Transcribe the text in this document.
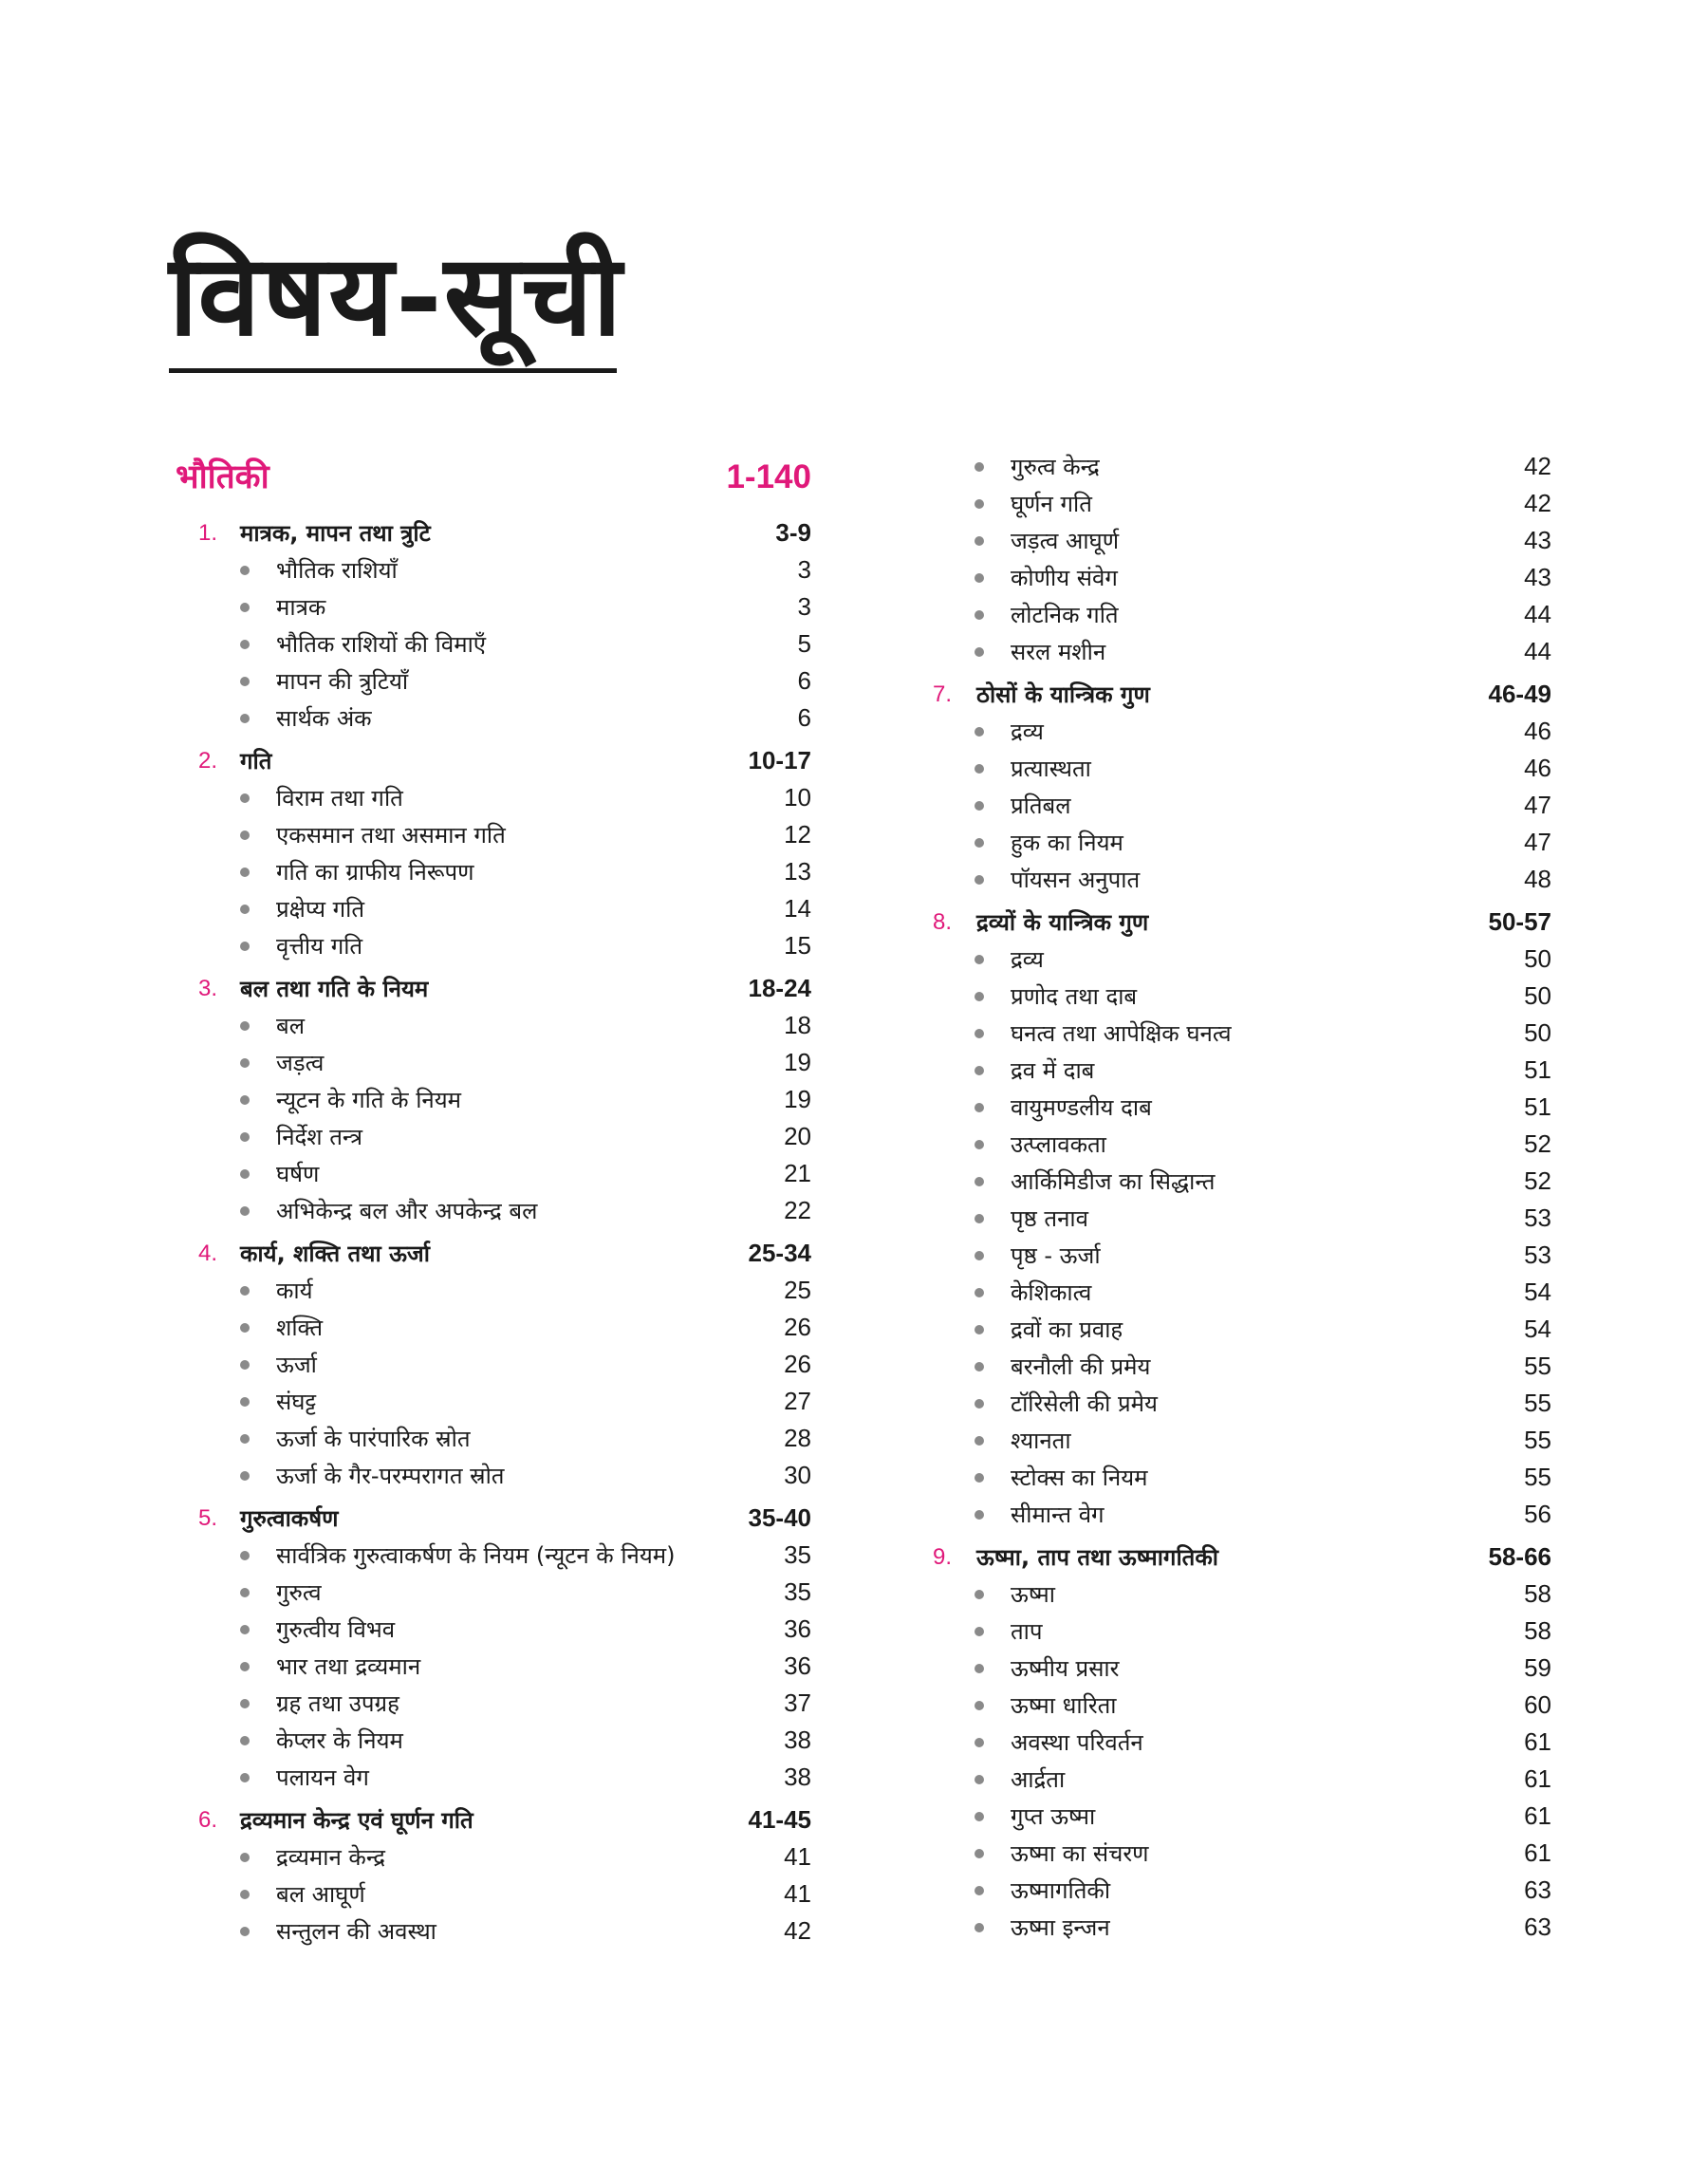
विषय-सूची
भौतिकी	1-140
1. मात्रक, मापन तथा त्रुटि	3-9
भौतिक राशियाँ	3
मात्रक	3
भौतिक राशियों की विमाएँ	5
मापन की त्रुटियाँ	6
सार्थक अंक	6
2. गति	10-17
विराम तथा गति	10
एकसमान तथा असमान गति	12
गति का ग्राफीय निरूपण	13
प्रक्षेप्य गति	14
वृत्तीय गति	15
3. बल तथा गति के नियम	18-24
बल	18
जड़त्व	19
न्यूटन के गति के नियम	19
निर्देश तन्त्र	20
घर्षण	21
अभिकेन्द्र बल और अपकेन्द्र बल	22
4. कार्य, शक्ति तथा ऊर्जा	25-34
कार्य	25
शक्ति	26
ऊर्जा	26
संघट्ट	27
ऊर्जा के पारंपारिक स्रोत	28
ऊर्जा के गैर-परम्परागत स्रोत	30
5. गुरुत्वाकर्षण	35-40
सार्वत्रिक गुरुत्वाकर्षण के नियम (न्यूटन के नियम)	35
गुरुत्व	35
गुरुत्वीय विभव	36
भार तथा द्रव्यमान	36
ग्रह तथा उपग्रह	37
केप्लर के नियम	38
पलायन वेग	38
6. द्रव्यमान केन्द्र एवं घूर्णन गति	41-45
द्रव्यमान केन्द्र	41
बल आघूर्ण	41
सन्तुलन की अवस्था	42
गुरुत्व केन्द्र	42
घूर्णन गति	42
जड़त्व आघूर्ण	43
कोणीय संवेग	43
लोटनिक गति	44
सरल मशीन	44
7.	ठोसों के यान्त्रिक गुण	46-49
द्रव्य	46
प्रत्यास्थता	46
प्रतिबल	47
हुक का नियम	47
पॉयसन अनुपात	48
8.	द्रव्यों के यान्त्रिक गुण	50-57
द्रव्य	50
प्रणोद तथा दाब	50
घनत्व तथा आपेक्षिक घनत्व	50
द्रव में दाब	51
वायुमण्डलीय दाब	51
उत्प्लावकता	52
आर्किमिडीज का सिद्धान्त	52
पृष्ठ तनाव	53
पृष्ठ - ऊर्जा	53
केशिकात्व	54
द्रवों का प्रवाह	54
बरनौली की प्रमेय	55
टॉरिसेली की प्रमेय	55
श्यानता	55
स्टोक्स का नियम	55
सीमान्त वेग	56
9.	ऊष्मा, ताप तथा ऊष्मागतिकी	58-66
ऊष्मा	58
ताप	58
ऊष्मीय प्रसार	59
ऊष्मा धारिता	60
अवस्था परिवर्तन	61
आर्द्रता	61
गुप्त ऊष्मा	61
ऊष्मा का संचरण	61
ऊष्मागतिकी	63
ऊष्मा इन्जन	63
